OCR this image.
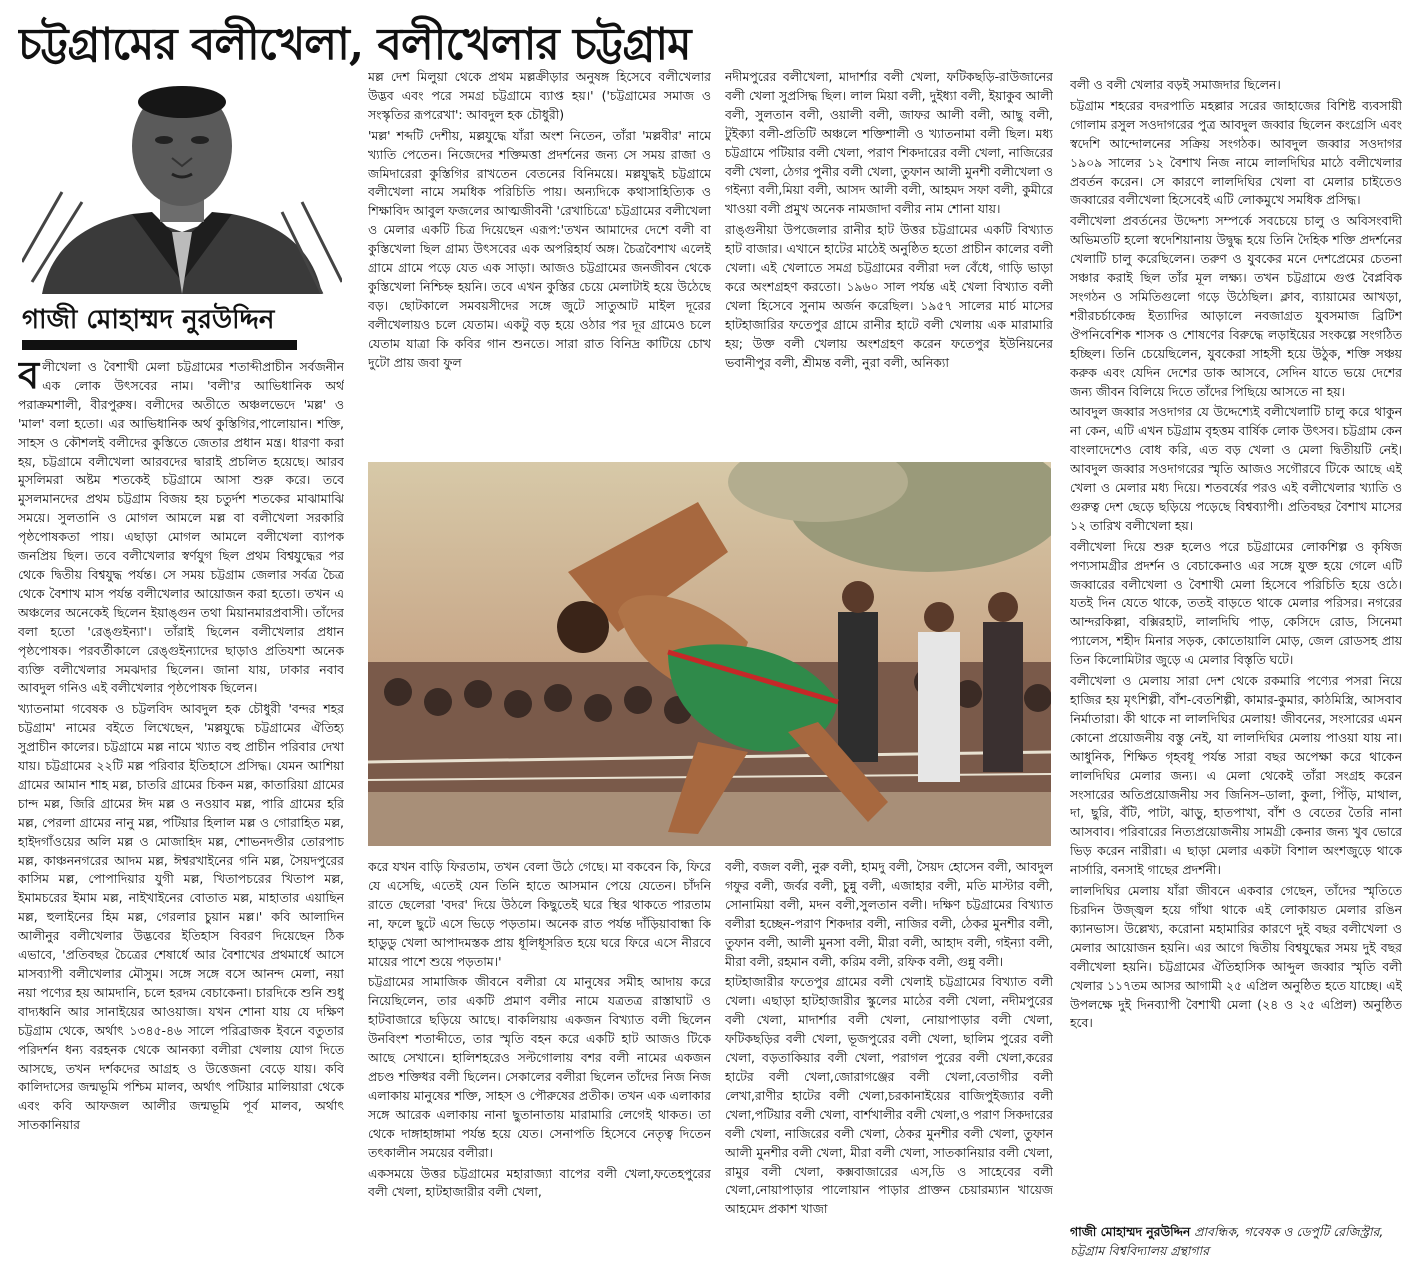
চট্টগ্রামের বলীখেলা, বলীখেলার চট্টগ্রাম
গাজী মোহাম্মদ নুরউদ্দিন

বলীখেলা ও বৈশাখী মেলা চট্টগ্রামের শতাব্দীপ্রাচীন সর্বজনীন এক লোক উৎসবের নাম। 'বলী'র আভিধানিক অর্থ পরাক্রমশালী, বীরপুরুষ। বলীদের অতীতে অঞ্চলভেদে 'মল্ল' ও 'মাল' বলা হতো। এর আভিধানিক অর্থ কুস্তিগির,পালোয়ান। শক্তি, সাহস ও কৌশলই বলীদের কুস্তিতে জেতার প্রধান মন্ত্র। ধারণা করা হয়, চট্টগ্রামে বলীখেলা আরবদের দ্বারাই প্রচলিত হয়েছে। আরব মুসলিমরা অষ্টম শতকেই চট্টগ্রামে আসা শুরু করে। তবে মুসলমানদের প্রথম চট্টগ্রাম বিজয় হয় চতুর্দশ শতকের মাঝামাঝি সময়ে। সুলতানি ও মোগল আমলে মল্ল বা বলীখেলা সরকারি পৃষ্ঠপোষকতা পায়। এছাড়া মোগল আমলে বলীখেলা ব্যাপক জনপ্রিয় ছিল। তবে বলীখেলার স্বর্ণযুগ ছিল প্রথম বিশ্বযুদ্ধের পর থেকে দ্বিতীয় বিশ্বযুদ্ধ পর্যন্ত। সে সময় চট্টগ্রাম জেলার সর্বত্র চৈত্র থেকে বৈশাখ মাস পর্যন্ত বলীখেলার আয়োজন করা হতো। তখন এ অঞ্চলের অনেকেই ছিলেন ইয়াঙ্গুন তথা মিয়ানমারপ্রবাসী। তাঁদের বলা হতো 'রেঙ্গুইন্যা'। তাঁরাই ছিলেন বলীখেলার প্রধান পৃষ্ঠপোষক। পরবর্তীকালে রেঙ্গুইন্যাদের ছাড়াও প্রতিযশা অনেক ব্যক্তি বলীখেলার সমঝদার ছিলেন। জানা যায়, ঢাকার নবাব আবদুল গনিও এই বলীখেলার পৃষ্ঠপোষক ছিলেন।

খ্যাতনামা গবেষক ও চট্টলবিদ আবদুল হক চৌধুরী 'বন্দর শহর চট্টগ্রাম' নামের বইতে লিখেছেন, 'মল্লযুদ্ধে চট্টগ্রামের ঐতিহ্য সুপ্রাচীন কালের। চট্টগ্রামে মল্ল নামে খ্যাত বহু প্রাচীন পরিবার দেখা যায়। চট্টগ্রামের ২২টি মল্ল পরিবার ইতিহাসে প্রসিদ্ধ। যেমন আশিয়া গ্রামের আমান শাহ মল্ল, চাতরি গ্রামের চিকন মল্ল, কাতারিয়া গ্রামের চান্দ মল্ল, জিরি গ্রামের ঈদ মল্ল ও নওয়াব মল্ল, পারি গ্রামের হরি মল্ল, পেরলা গ্রামের নানু মল্ল, পটিয়ার হিলাল মল্ল ও গোরাহিত মল্ল, হাইদগাঁওয়ের অলি মল্ল ও মোজাহিদ মল্ল, শোভনদণ্ডীর তোরপাচ মল্ল, কাঞ্চননগরের আদম মল্ল, ঈশ্বরখাইনের গনি মল্ল, সৈয়দপুরের কাসিম মল্ল, পোপাদিয়ার যুগী মল্ল, খিতাপচরের খিতাপ মল্ল, ইমামচরের ইমাম মল্ল, নাইখাইনের বোতাত মল্ল, মাহাতার এয়াছিন মল্ল, হুলাইনের হিম মল্ল, গেরলার চুয়ান মল্ল।' কবি আলাদিন আলীনুর বলীখেলার উদ্ভবের ইতিহাস বিবরণ দিয়েছেন ঠিক এভাবে, 'প্রতিবছর চৈত্রের শেষার্ধে আর বৈশাখের প্রথমার্ধে আসে মাসব্যাপী বলীখেলার মৌসুম। সঙ্গে সঙ্গে বসে আনন্দ মেলা, নয়া নয়া পণ্যের হয় আমদানি, চলে হরদম বেচাকেনা। চারদিকে শুনি শুধু বাদ্যধ্বনি আর সানাইয়ের আওয়াজ। যখন শোনা যায় যে দক্ষিণ চট্টগ্রাম থেকে, অর্থাৎ ১৩৪৫-৪৬ সালে পরিব্রাজক ইবনে বতুতার পরিদর্শন ধন্য বরহনক থেকে আনক্যা বলীরা খেলায় যোগ দিতে আসছে, তখন দর্শকদের আগ্রহ ও উত্তেজনা বেড়ে যায়। কবি কালিদাসের জন্মভূমি পশ্চিম মালব, অর্থাৎ পটিয়ার মালিয়ারা থেকে এবং কবি আফজল আলীর জন্মভূমি পূর্ব মালব, অর্থাৎ সাতকানিয়ার

মল্ল দেশ মিলুয়া থেকে প্রথম মল্লক্রীড়ার অনুষঙ্গ হিসেবে বলীখেলার উদ্ভব এবং পরে সমগ্র চট্টগ্রামে ব্যাপ্ত হয়।' ('চট্টগ্রামের সমাজ ও সংস্কৃতির রূপরেখা': আবদুল হক চৌধুরী)

'মল্ল' শব্দটি দেশীয়, মল্লযুদ্ধে যাঁরা অংশ নিতেন, তাঁরা 'মল্লবীর' নামে খ্যাতি পেতেন। নিজেদের শক্তিমত্তা প্রদর্শনের জন্য সে সময় রাজা ও জমিদারেরা কুস্তিগির রাখতেন বেতনের বিনিময়ে। মল্লযুদ্ধই চট্টগ্রামে বলীখেলা নামে সমধিক পরিচিতি পায়। অন্যদিকে কথাসাহিত্যিক ও শিক্ষাবিদ আবুল ফজলের আত্মজীবনী 'রেখাচিত্রে' চট্টগ্রামের বলীখেলা ও মেলার একটি চিত্র দিয়েছেন এরূপ:'তখন আমাদের দেশে বলী বা কুস্তিখেলা ছিল গ্রাম্য উৎসবের এক অপরিহার্য অঙ্গ। চৈত্রবৈশাখ এলেই গ্রামে গ্রামে পড়ে যেত এক সাড়া। আজও চট্টগ্রামের জনজীবন থেকে কুস্তিখেলা নিশ্চিহ্ন হয়নি। তবে এখন কুস্তির চেয়ে মেলাটাই হয়ে উঠেছে বড়। ছোটকালে সমবয়সীদের সঙ্গে জুটে সাতুআট মাইল দূরের বলীখেলায়ও চলে যেতাম। একটু বড় হয়ে ওঠার পর দূর গ্রামেও চলে যেতাম যাত্রা কি কবির গান শুনতে। সারা রাত বিনিদ্র কাটিয়ে চোখ দুটো প্রায় জবা ফুল

নদীমপুরের বলীখেলা, মাদার্শার বলী খেলা, ফটিকছড়ি-রাউজানের বলী খেলা সুপ্রসিদ্ধ ছিল। লাল মিয়া বলী, দুইধ্যা বলী, ইয়াকুব আলী বলী, সুলতান বলী, ওয়ালী বলী, জাফর আলী বলী, আছু বলী, টুইক্যা বলী-প্রতিটি অঞ্চলে শক্তিশালী ও খ্যাতনামা বলী ছিল। মধ্য চট্টগ্রামে পটিয়ার বলী খেলা, পরাণ শিকদারের বলী খেলা, নাজিরের বলী খেলা, ঠেগর পুনীর বলী খেলা, তুফান আলী মুনশী বলীখেলা ও গইন্যা বলী,মিয়া বলী, আসদ আলী বলী, আহমদ সফা বলী, কুমীরে খাওয়া বলী প্রমুখ অনেক নামজাদা বলীর নাম শোনা যায়।

রাঙ্গুনীয়া উপজেলার রানীর হাট উত্তর চট্টগ্রামের একটি বিখ্যাত হাট বাজার। এখানে হাটের মাঠেই অনুষ্ঠিত হতো প্রাচীন কালের বলী খেলা। এই খেলাতে সমগ্র চট্টগ্রামের বলীরা দল বেঁধে, গাড়ি ভাড়া করে অংশগ্রহণ করতো। ১৯৬০ সাল পর্যন্ত এই খেলা বিখ্যাত বলী খেলা হিসেবে সুনাম অর্জন করেছিল। ১৯৫৭ সালের মার্চ মাসের হাটহাজারির ফতেপুর গ্রামে রানীর হাটে বলী খেলায় এক মারামারি হয়; উক্ত বলী খেলায় অংশগ্রহণ করেন ফতেপুর ইউনিয়নের ভবানীপুর বলী, শ্রীমন্ত বলী, নুরা বলী, অনিক্যা

করে যখন বাড়ি ফিরতাম, তখন বেলা উঠে গেছে। মা বকবেন কি, ফিরে যে এসেছি, এতেই যেন তিনি হাতে আসমান পেয়ে যেতেন। চাঁদনি রাতে ছেলেরা 'বদর' দিয়ে উঠলে কিছুতেই ঘরে স্থির থাকতে পারতাম না, ফলে ছুটে এসে ভিড়ে পড়তাম। অনেক রাত পর্যন্ত দাঁড়িয়াবান্ধা কি হাডুডু খেলা আপাদমস্তক প্রায় ধূলিধূসরিত হয়ে ঘরে ফিরে এসে নীরবে মায়ের পাশে শুয়ে পড়তাম।'

চট্টগ্রামের সামাজিক জীবনে বলীরা যে মানুষের সমীহ আদায় করে নিয়েছিলেন, তার একটি প্রমাণ বলীর নামে যত্রতত্র রাস্তাঘাট ও হাটবাজারে ছড়িয়ে আছে। বাকলিয়ায় একজন বিখ্যাত বলী ছিলেন উনবিংশ শতাব্দীতে, তার স্মৃতি বহন করে একটি হাট আজও টিকে আছে সেখানে। হালিশহরেও সল্টগোলায় বশর বলী নামের একজন প্রচণ্ড শক্তিধর বলী ছিলেন। সেকালের বলীরা ছিলেন তাঁদের নিজ নিজ এলাকায় মানুষের শক্তি, সাহস ও পৌরুষের প্রতীক। তখন এক এলাকার সঙ্গে আরেক এলাকায় নানা ছুতানাতায় মারামারি লেগেই থাকত। তা থেকে দাঙ্গাহাঙ্গামা পর্যন্ত হয়ে যেত। সেনাপতি হিসেবে নেতৃত্ব দিতেন তৎকালীন সময়ের বলীরা।

একসময়ে উত্তর চট্টগ্রামের মহারাজ্যা বাপের বলী খেলা,ফতেহপুরের বলী খেলা, হাটহাজারীর বলী খেলা,

বলী, বজল বলী, নুরু বলী, হামদু বলী, সৈয়দ হোসেন বলী, আবদুল গফুর বলী, জর্বর বলী, চুন্নু বলী, এজাহার বলী, মতি মাস্টার বলী, সোনামিয়া বলী, মদন বলী,সুলতান বলী। দক্ষিণ চট্টগ্রামের বিখ্যাত বলীরা হচ্ছেন-পরাণ শিকদার বলী, নাজির বলী, ঠেকর মুনশীর বলী, তুফান বলী, আলী মুনসা বলী, মীরা বলী, আহাদ বলী, গইন্যা বলী, মীরা বলী, রহমান বলী, করিম বলী, রফিক বলী, গুন্নু বলী।

হাটহাজারীর ফতেপুর গ্রামের বলী খেলাই চট্টগ্রামের বিখ্যাত বলী খেলা। এছাড়া হাটহাজারীর স্কুলের মাঠের বলী খেলা, নদীমপুরের বলী খেলা, মাদার্শার বলী খেলা, নোয়াপাড়ার বলী খেলা, ফটিকছড়ির বলী খেলা, ভূজপুরের বলী খেলা, ছালিম পুরের বলী খেলা, বড়তাকিয়ার বলী খেলা, পরাগল পুরের বলী খেলা,করের হাটের বলী খেলা,জোরাগঞ্জের বলী খেলা,বেতাগীর বলী লেখা,রাণীর হাটের বলী খেলা,চরকানাইয়ের বাজিপুইজ্যার বলী খেলা,পটিয়ার বলী খেলা, বার্শখালীর বলী খেলা,ও পরাণ সিকদারের বলী খেলা, নাজিরের বলী খেলা, ঠেকর মুনশীর বলী খেলা, তুফান আলী মুনশীর বলী খেলা, মীরা বলী খেলা, সাতকানিয়ার বলী খেলা, রামুর বলী খেলা, কক্সবাজারের এস,ডি ও সাহেবের বলী খেলা,নোয়াপাড়ার পালোয়ান পাড়ার প্রাক্তন চেয়ারম্যান খায়েজ আহমেদ প্রকাশ খাজা

বলী ও বলী খেলার বড়ই সমাজদার ছিলেন।

চট্টগ্রাম শহরের বদরপাতি মহল্লার সরের জাহাজের বিশিষ্ট ব্যবসায়ী গোলাম রসুল সওদাগরের পুত্র আবদুল জব্বার ছিলেন কংগ্রেসি এবং স্বদেশি আন্দোলনের সক্রিয় সংগঠক। আবদুল জব্বার সওদাগর ১৯০৯ সালের ১২ বৈশাখ নিজ নামে লালদিঘির মাঠে বলীখেলার প্রবর্তন করেন। সে কারণে লালদিঘির খেলা বা মেলার চাইতেও জব্বারের বলীখেলা হিসেবেই এটি লোকমুখে সমধিক প্রসিদ্ধ।

বলীখেলা প্রবর্তনের উদ্দেশ্য সম্পর্কে সবচেয়ে চালু ও অবিসংবাদী অভিমতটি হলো স্বদেশিয়ানায় উদ্বুদ্ধ হয়ে তিনি দৈহিক শক্তি প্রদর্শনের খেলাটি চালু করেছিলেন। তরুণ ও যুবকের মনে দেশপ্রেমের চেতনা সঞ্চার করাই ছিল তাঁর মূল লক্ষ্য। তখন চট্টগ্রামে গুপ্ত বৈপ্লবিক সংগঠন ও সমিতিগুলো গড়ে উঠেছিল। ক্লাব, ব্যায়ামের আখড়া, শরীরচর্চাকেন্দ্র ইত্যাদির আড়ালে নবজাগ্রত যুবসমাজ ব্রিটিশ ঔপনিবেশিক শাসক ও শোষণের বিরুদ্ধে লড়াইয়ের সংকল্পে সংগঠিত হচ্ছিল। তিনি চেয়েছিলেন, যুবকেরা সাহসী হয়ে উঠুক, শক্তি সঞ্চয় করুক এবং যেদিন দেশের ডাক আসবে, সেদিন যাতে ভয়ে দেশের জন্য জীবন বিলিয়ে দিতে তাঁদের পিছিয়ে আসতে না হয়।

আবদুল জব্বার সওদাগর যে উদ্দেশ্যেই বলীখেলাটি চালু করে থাকুন না কেন, এটি এখন চট্টগ্রাম বৃহত্তম বার্ষিক লোক উৎসব। চট্টগ্রাম কেন বাংলাদেশেও বোধ করি, এত বড় খেলা ও মেলা দ্বিতীয়টি নেই। আবদুল জব্বার সওদাগরের স্মৃতি আজও সগৌরবে টিকে আছে এই খেলা ও মেলার মধ্য দিয়ে। শতবর্ষের পরও এই বলীখেলার খ্যাতি ও গুরুত্ব দেশ ছেড়ে ছড়িয়ে পড়েছে বিশ্বব্যাপী। প্রতিবছর বৈশাখ মাসের ১২ তারিখ বলীখেলা হয়।

বলীখেলা দিয়ে শুরু হলেও পরে চট্টগ্রামের লোকশিল্প ও কৃষিজ পণ্যসামগ্রীর প্রদর্শন ও বেচাকেনাও এর সঙ্গে যুক্ত হয়ে গেলে এটি জব্বারের বলীখেলা ও বৈশাখী মেলা হিসেবে পরিচিতি হয়ে ওঠে। যতই দিন যেতে থাকে, ততই বাড়তে থাকে মেলার পরিসর। নগরের আন্দরকিল্লা, বক্সিরহাট, লালদিঘি পাড়, কেসিদে রোড, সিনেমা প্যালেস, শহীদ মিনার সড়ক, কোতোয়ালি মোড়, জেল রোডসহ প্রায় তিন কিলোমিটার জুড়ে এ মেলার বিস্তৃতি ঘটে।

বলীখেলা ও মেলায় সারা দেশ থেকে রকমারি পণ্যের পসরা নিয়ে হাজির হয় মৃৎশিল্পী, বাঁশ-বেতশিল্পী, কামার-কুমার, কাঠমিস্ত্রি, আসবাব নির্মাতারা। কী থাকে না লালদিঘির মেলায়! জীবনের, সংসারের এমন কোনো প্রয়োজনীয় বস্তু নেই, যা লালদিঘির মেলায় পাওয়া যায় না। আধুনিক, শিক্ষিত গৃহবধূ পর্যন্ত সারা বছর অপেক্ষা করে থাকেন লালদিঘির মেলার জন্য। এ মেলা থেকেই তাঁরা সংগ্রহ করেন সংসারের অতিপ্রয়োজনীয় সব জিনিস–ডালা, কুলা, পিঁড়ি, মাথাল, দা, ছুরি, বঁটি, পাটা, ঝাড়ু, হাতপাখা, বাঁশ ও বেতের তৈরি নানা আসবাব। পরিবারের নিত্যপ্রয়োজনীয় সামগ্রী কেনার জন্য খুব ভোরে ভিড় করেন নারীরা। এ ছাড়া মেলার একটা বিশাল অংশজুড়ে থাকে নার্সারি, বনসাই গাছের প্রদর্শনী।

লালদিঘির মেলায় যাঁরা জীবনে একবার গেছেন, তাঁদের স্মৃতিতে চিরদিন উজ্জ্বল হয়ে গাঁথা থাকে এই লোকায়ত মেলার রঙিন ক্যানভাস। উল্লেখ্য, করোনা মহামারির কারণে দুই বছর বলীখেলা ও মেলার আয়োজন হয়নি। এর আগে দ্বিতীয় বিশ্বযুদ্ধের সময় দুই বছর বলীখেলা হয়নি। চট্টগ্রামের ঐতিহাসিক আব্দুল জব্বার স্মৃতি বলী খেলার ১১৭তম আসর আগামী ২৫ এপ্রিল অনুষ্ঠিত হতে যাচ্ছে। এই উপলক্ষে দুই দিনব্যাপী বৈশাখী মেলা (২৪ ও ২৫ এপ্রিল) অনুষ্ঠিত হবে।

গাজী মোহাম্মদ নুরউদ্দিন প্রাবন্ধিক, গবেষক ও ডেপুটি রেজিস্ট্রার, চট্টগ্রাম বিশ্ববিদ্যালয় গ্রন্থাগার
